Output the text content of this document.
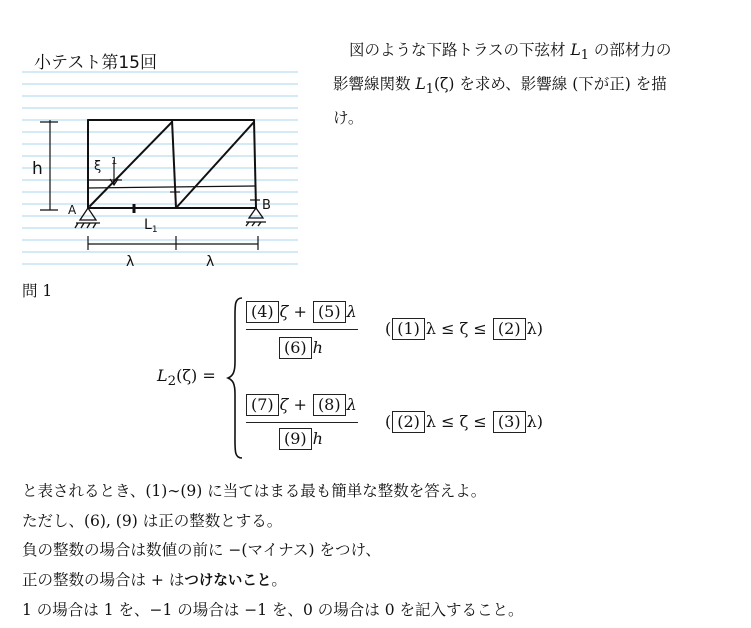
小テスト第15回
h	ξ 1
A	B
$L_1$
λ	λ
図のような下路トラスの下弦材 $L_1$ の部材力の
影響線関数 $L_1(\zeta)$ を求め、影響線 (下が正) を描
け。
問 1
$L_2(\zeta)$ =
(4) ζ + (5) λ
(6) h
( (1) λ ≤ ζ ≤ (2) λ)
(7) ζ + (8) λ
(9) h
( (2) λ ≤ ζ ≤ (3) λ)
と表されるとき、(1)∼(9) に当てはまる最も簡単な整数を答えよ。
ただし、(6), (9) は正の整数とする。
負の整数の場合は数値の前に −(マイナス) をつけ、
正の整数の場合は + はつけないこと。
1 の場合は 1 を、−1 の場合は −1 を、0 の場合は 0 を記入すること。
